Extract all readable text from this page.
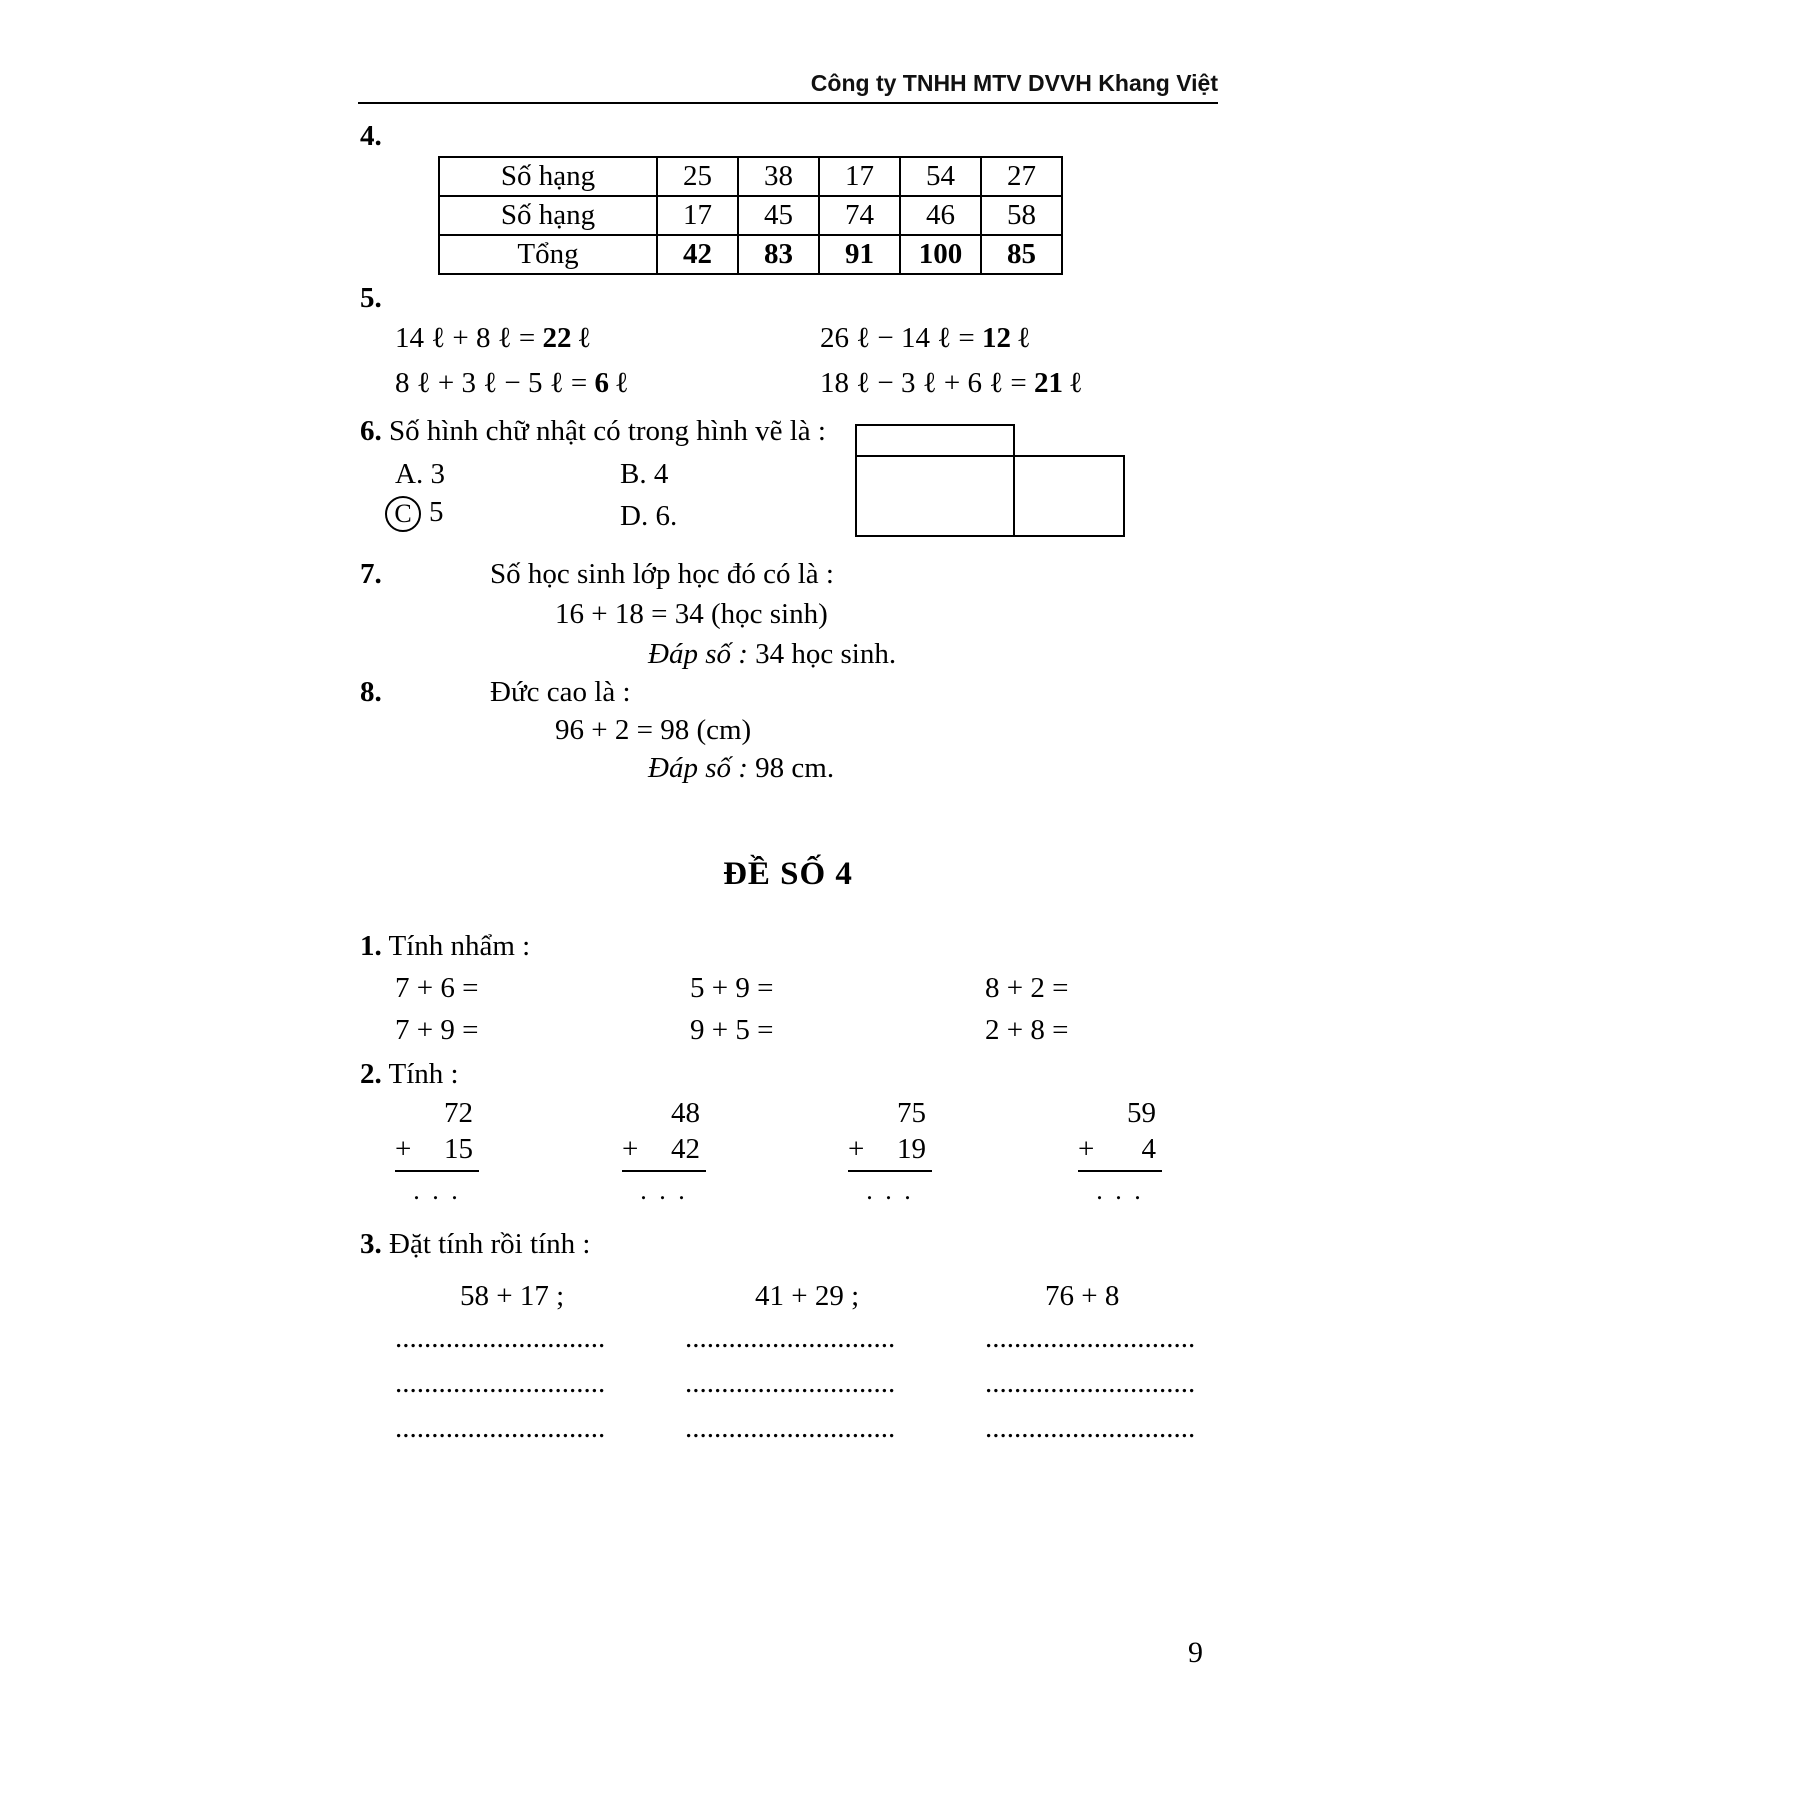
Công ty TNHH MTV DVVH Khang Việt
4.
Số hạng	25	38	17	54	27
Số hạng	17	45	74	46	58
Tổng	42	83	91	100	85
5.
14 ℓ + 8 ℓ = 22 ℓ	26 ℓ − 14 ℓ = 12 ℓ
8 ℓ + 3 ℓ − 5 ℓ = 6 ℓ	18 ℓ − 3 ℓ + 6 ℓ = 21 ℓ
6. Số hình chữ nhật có trong hình vẽ là :
A. 3	B. 4
C 5	D. 6.
7.	Số học sinh lớp học đó có là :
16 + 18 = 34 (học sinh)
Đáp số : 34 học sinh.
8.	Đức cao là :
96 + 2 = 98 (cm)
Đáp số : 98 cm.
ĐỀ SỐ 4
1. Tính nhẩm :
7 + 6 =	5 + 9 =	8 + 2 =
7 + 9 =	9 + 5 =	2 + 8 =
2. Tính :
+
72
15
. . .
+
48
42
. . .
+
75
19
. . .
+
59
4
. . .
3. Đặt tính rồi tính :
58 + 17 ;	41 + 29 ;	76 + 8
.............................	.............................	.............................
.............................	.............................	.............................
.............................	.............................	.............................
9
